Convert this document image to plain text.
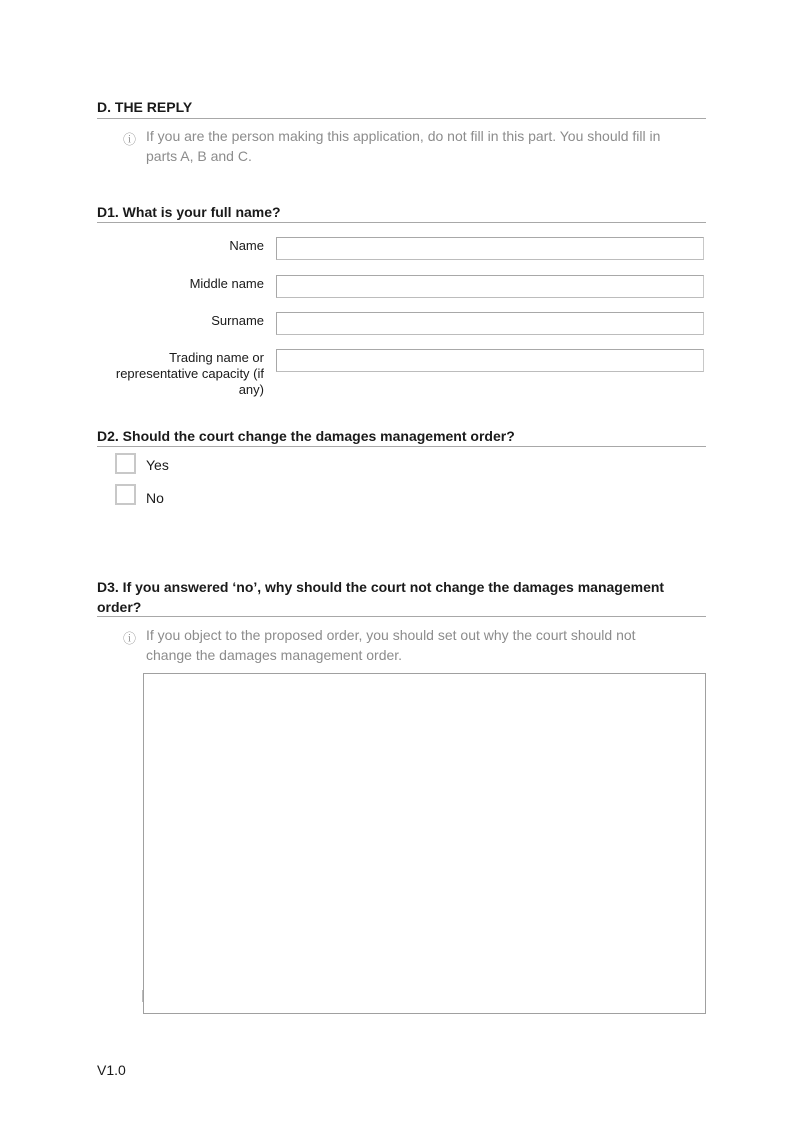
D. THE REPLY
ⓘ If you are the person making this application, do not fill in this part. You should fill in
parts A, B and C.
D1. What is your full name?
Name
Middle name
Surname
Trading name or
representative capacity (if
any)
D2. Should the court change the damages management order?
Yes
No
D3. If you answered ‘no’, why should the court not change the damages management
order?
ⓘ If you object to the proposed order, you should set out why the court should not
change the damages management order.
V1.0
